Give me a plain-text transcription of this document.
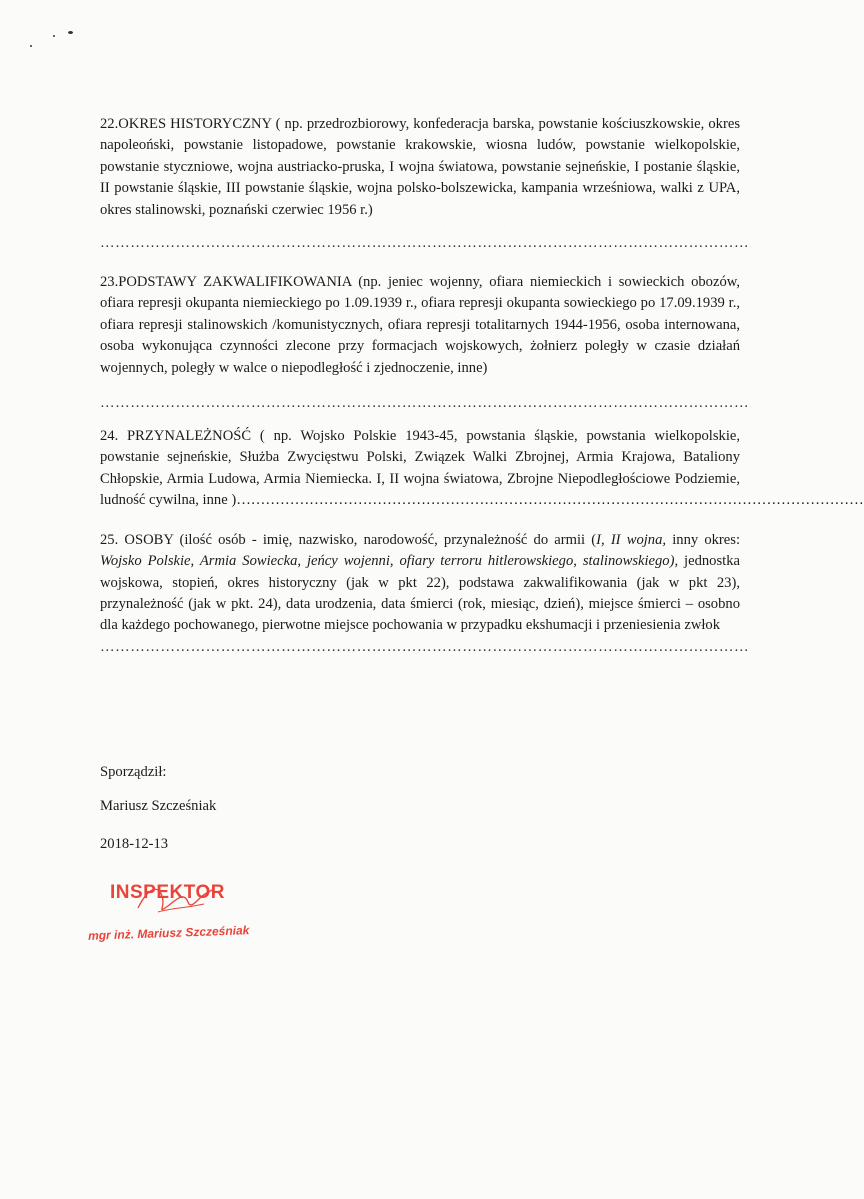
22.OKRES HISTORYCZNY ( np. przedrozbiorowy, konfederacja barska, powstanie kościuszkowskie, okres napoleoński, powstanie listopadowe, powstanie krakowskie, wiosna ludów, powstanie wielkopolskie, powstanie styczniowe, wojna austriacko-pruska, I wojna światowa, powstanie sejneńskie, I postanie śląskie, II powstanie śląskie, III powstanie śląskie, wojna polsko-bolszewicka, kampania wrześniowa, walki z UPA, okres stalinowski, poznański czerwiec 1956 r.)

…………………………………………………………………………………………………………………

23.PODSTAWY ZAKWALIFIKOWANIA (np. jeniec wojenny, ofiara niemieckich i sowieckich obozów, ofiara represji okupanta niemieckiego po 1.09.1939 r., ofiara represji okupanta sowieckiego po 17.09.1939 r., ofiara represji stalinowskich /komunistycznych, ofiara represji totalitarnych 1944-1956, osoba internowana, osoba wykonująca czynności zlecone przy formacjach wojskowych, żołnierz poległy w czasie działań wojennych, poległy w walce o niepodległość i zjednoczenie, inne)

…………………………………………………………………………………………………………………

24. PRZYNALEŻNOŚĆ ( np. Wojsko Polskie 1943-45, powstania śląskie, powstania wielkopolskie, powstanie sejneńskie, Służba Zwycięstwu Polski, Związek Walki Zbrojnej, Armia Krajowa, Bataliony Chłopskie, Armia Ludowa, Armia Niemiecka. I, II wojna światowa, Zbrojne Niepodległościowe Podziemie, ludność cywilna, inne )…………………………………………………………………………………………………………………

25. OSOBY (ilość osób - imię, nazwisko, narodowość, przynależność do armii (I, II wojna, inny okres: Wojsko Polskie, Armia Sowiecka, jeńcy wojenni, ofiary terroru hitlerowskiego, stalinowskiego), jednostka wojskowa, stopień, okres historyczny (jak w pkt 22), podstawa zakwalifikowania (jak w pkt 23), przynależność (jak w pkt. 24), data urodzenia, data śmierci (rok, miesiąc, dzień), miejsce śmierci – osobno dla każdego pochowanego, pierwotne miejsce pochowania w przypadku ekshumacji i przeniesienia zwłok

…………………………………………………………………………………………………………………
Sporządził:
Mariusz Szcześniak
2018-12-13
INSPEKTOR
mgr inż. Mariusz Szcześniak
